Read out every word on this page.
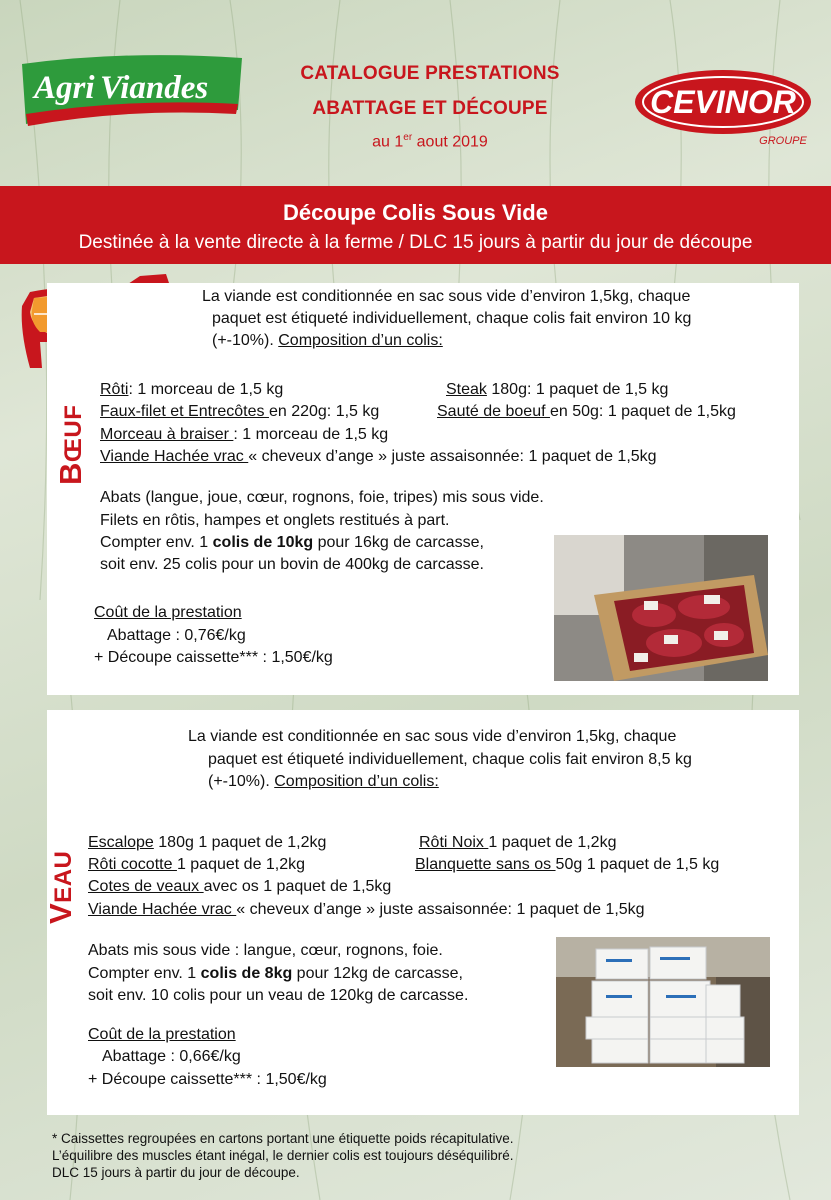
Agri Viandes	CATALOGUE PRESTATIONS
ABATTAGE ET DÉCOUPE
au 1er aout 2019
CEVINOR
GROUPE
Découpe Colis Sous Vide
Destinée à la vente directe à la ferme / DLC 15 jours à partir du jour de découpe
La viande est conditionnée en sac sous vide d’environ 1,5kg, chaque
paquet est étiqueté individuellement, chaque colis fait environ 10 kg
(+-10%). Composition d’un colis:
BŒUF
Rôti: 1 morceau de 1,5 kg	Steak 180g: 1 paquet de 1,5 kg
Faux-filet et Entrecôtes en 220g: 1,5 kg	Sauté de boeuf en 50g: 1 paquet de 1,5kg
Morceau à braiser : 1 morceau de 1,5 kg
Viande Hachée vrac « cheveux d’ange » juste assaisonnée: 1 paquet de 1,5kg
Abats (langue, joue, cœur, rognons, foie, tripes) mis sous vide.
Filets en rôtis, hampes et onglets restitués à part.
Compter env. 1 colis de 10kg pour 16kg de carcasse,
soit env. 25 colis pour un bovin de 400kg de carcasse.
Coût de la prestation
Abattage : 0,76€/kg
+ Découpe caissette*** : 1,50€/kg
La viande est conditionnée en sac sous vide d’environ 1,5kg, chaque
paquet est étiqueté individuellement, chaque colis fait environ 8,5 kg
(+-10%). Composition d’un colis:
VEAU
Escalope 180g 1 paquet de 1,2kg	Rôti Noix 1 paquet de 1,2kg
Rôti cocotte 1 paquet de 1,2kg	Blanquette sans os 50g 1 paquet de 1,5 kg
Cotes de veaux avec os 1 paquet de 1,5kg
Viande Hachée vrac « cheveux d’ange » juste assaisonnée: 1 paquet de 1,5kg
Abats mis sous vide : langue, cœur, rognons, foie.
Compter env. 1 colis de 8kg pour 12kg de carcasse,
soit env. 10 colis pour un veau de 120kg de carcasse.
Coût de la prestation
Abattage : 0,66€/kg
+ Découpe caissette*** : 1,50€/kg
* Caissettes regroupées en cartons portant une étiquette poids récapitulative.
L’équilibre des muscles étant inégal, le dernier colis est toujours déséquilibré.
DLC 15 jours à partir du jour de découpe.
